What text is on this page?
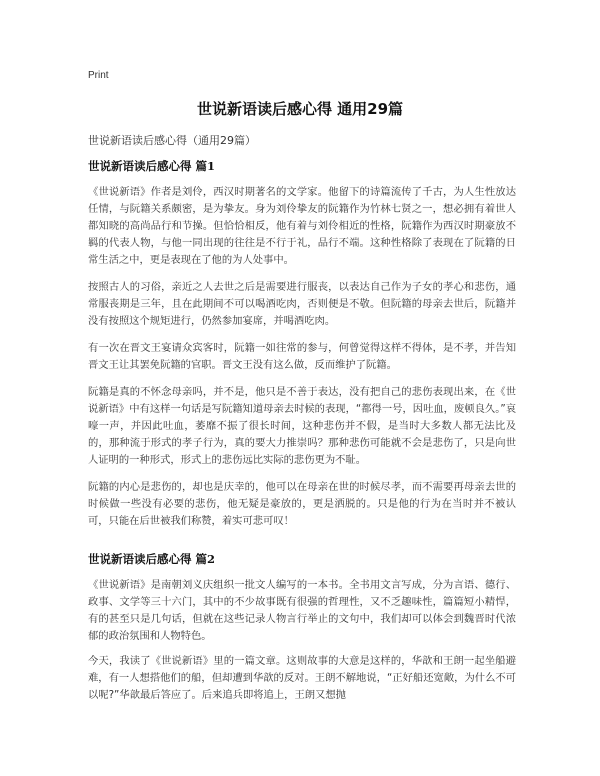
Print
世说新语读后感心得 通用29篇
世说新语读后感心得（通用29篇）
世说新语读后感心得 篇1

《世说新语》作者是刘伶，西汉时期著名的文学家。他留下的诗篇流传了千古，为人生性放达任情，与阮籍关系颇密，是为挚友。身为刘伶挚友的阮籍作为竹林七贤之一，想必拥有着世人都知晓的高尚品行和节操。但恰恰相反，他有着与刘伶相近的性格，阮籍作为西汉时期豪放不羁的代表人物，与他一同出现的往往是不行于礼，品行不端。这种性格除了表现在了阮籍的日常生活之中，更是表现在了他的为人处事中。

按照古人的习俗，亲近之人去世之后是需要进行服丧，以表达自己作为子女的孝心和悲伤，通常服丧期是三年，且在此期间不可以喝酒吃肉，否则便是不敬。但阮籍的母亲去世后，阮籍并没有按照这个规矩进行，仍然参加宴席，并喝酒吃肉。

有一次在晋文王宴请众宾客时，阮籍一如往常的参与，何曾觉得这样不得体，是不孝，并告知晋文王让其罢免阮籍的官职。晋文王没有这么做，反而维护了阮籍。

阮籍是真的不怀念母亲吗，并不是，他只是不善于表达，没有把自己的悲伤表现出来，在《世说新语》中有这样一句话是写阮籍知道母亲去时候的表现，“都得一号，因吐血，废顿良久。”哀嚎一声，并因此吐血，萎靡不振了很长时间，这种悲伤并不假，是当时大多数人都无法比及的，那种流于形式的孝子行为，真的要大力推崇吗？那种悲伤可能就不会是悲伤了，只是向世人证明的一种形式，形式上的悲伤远比实际的悲伤更为不耻。

阮籍的内心是悲伤的，却也是庆幸的，他可以在母亲在世的时候尽孝，而不需要再母亲去世的时候做一些没有必要的悲伤，他无疑是豪放的，更是洒脱的。只是他的行为在当时并不被认可，只能在后世被我们称赞，着实可悲可叹！

世说新语读后感心得 篇2

《世说新语》是南朝刘义庆组织一批文人编写的一本书。全书用文言写成，分为言语、德行、政事、文学等三十六门，其中的不少故事既有很强的哲理性，又不乏趣味性，篇篇短小精悍，有的甚至只是几句话，但就在这些记录人物言行举止的文句中，我们却可以体会到魏晋时代浓郁的政治氛围和人物特色。

今天，我读了《世说新语》里的一篇文章。这则故事的大意是这样的，华歆和王朗一起坐船避难，有一人想搭他们的船，但却遭到华歆的反对。王朗不解地说，“正好船还宽敞，为什么不可以呢?”华歆最后答应了。后来追兵即将追上，王朗又想抛
